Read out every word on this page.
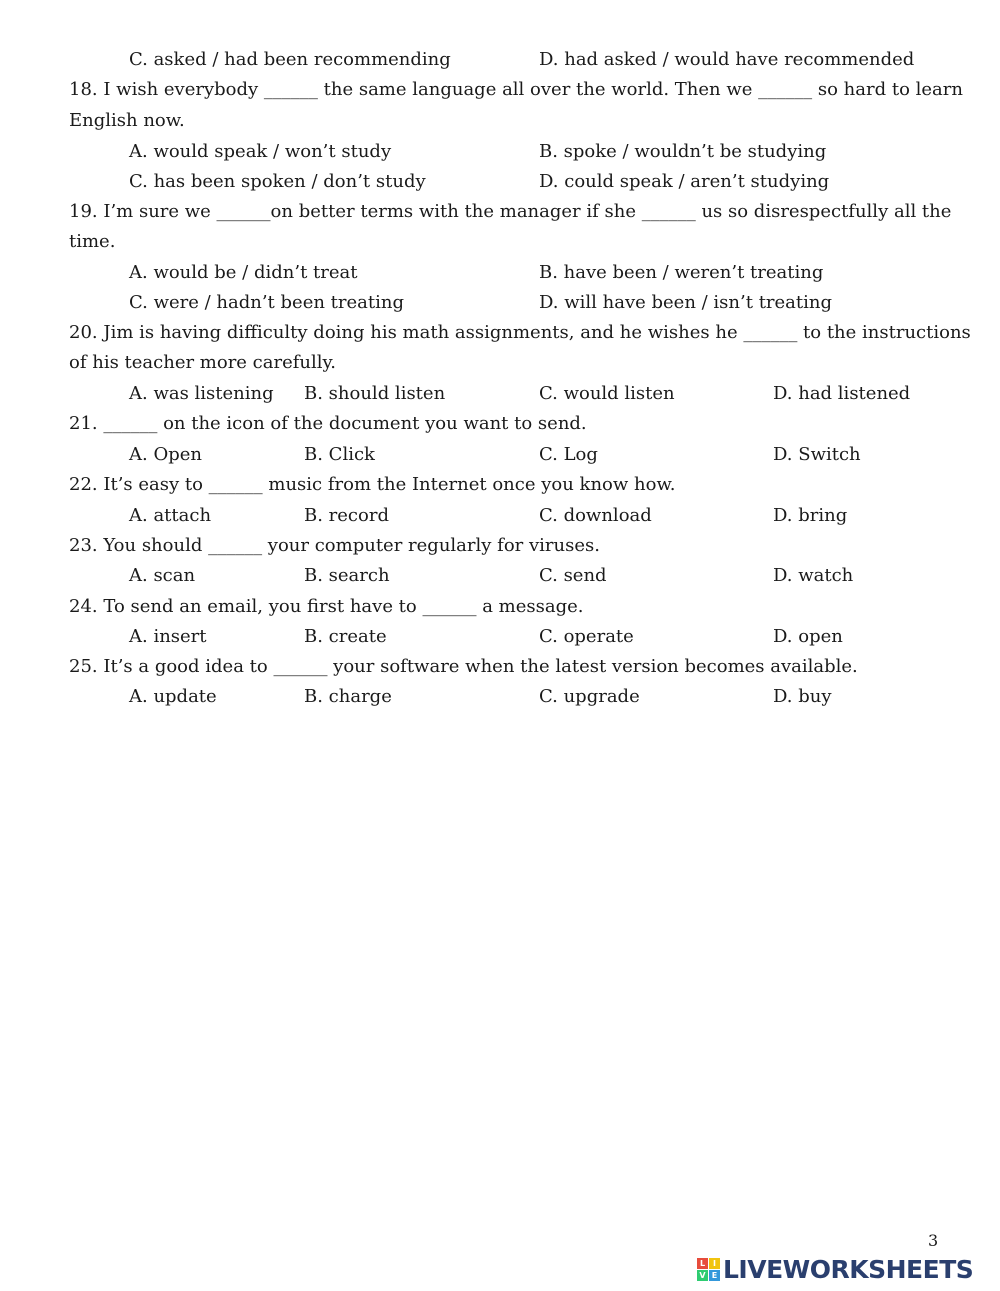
C. asked / had been recommending	D. had asked / would have recommended
18. I wish everybody ______ the same language all over the world. Then we ______ so hard to learn
English now.
A. would speak / won’t study	B. spoke / wouldn’t be studying
C. has been spoken / don’t study	D. could speak / aren’t studying
19. I’m sure we ______on better terms with the manager if she ______ us so disrespectfully all the
time.
A. would be / didn’t treat	B. have been / weren’t treating
C. were / hadn’t been treating	D. will have been / isn’t treating
20. Jim is having difficulty doing his math assignments, and he wishes he ______ to the instructions
of his teacher more carefully.
A. was listening B. should listen	C. would listen	D. had listened
21. ______ on the icon of the document you want to send.
A. Open	B. Click	C. Log	D. Switch
22. It’s easy to ______ music from the Internet once you know how.
A. attach	B. record	C. download	D. bring
23. You should ______ your computer regularly for viruses.
A. scan	B. search	C. send	D. watch
24. To send an email, you first have to ______ a message.
A. insert	B. create	C. operate	D. open
25. It’s a good idea to ______ your software when the latest version becomes available.
A. update	B. charge	C. upgrade	D. buy
3
L I
V E LIVEWORKSHEETS
